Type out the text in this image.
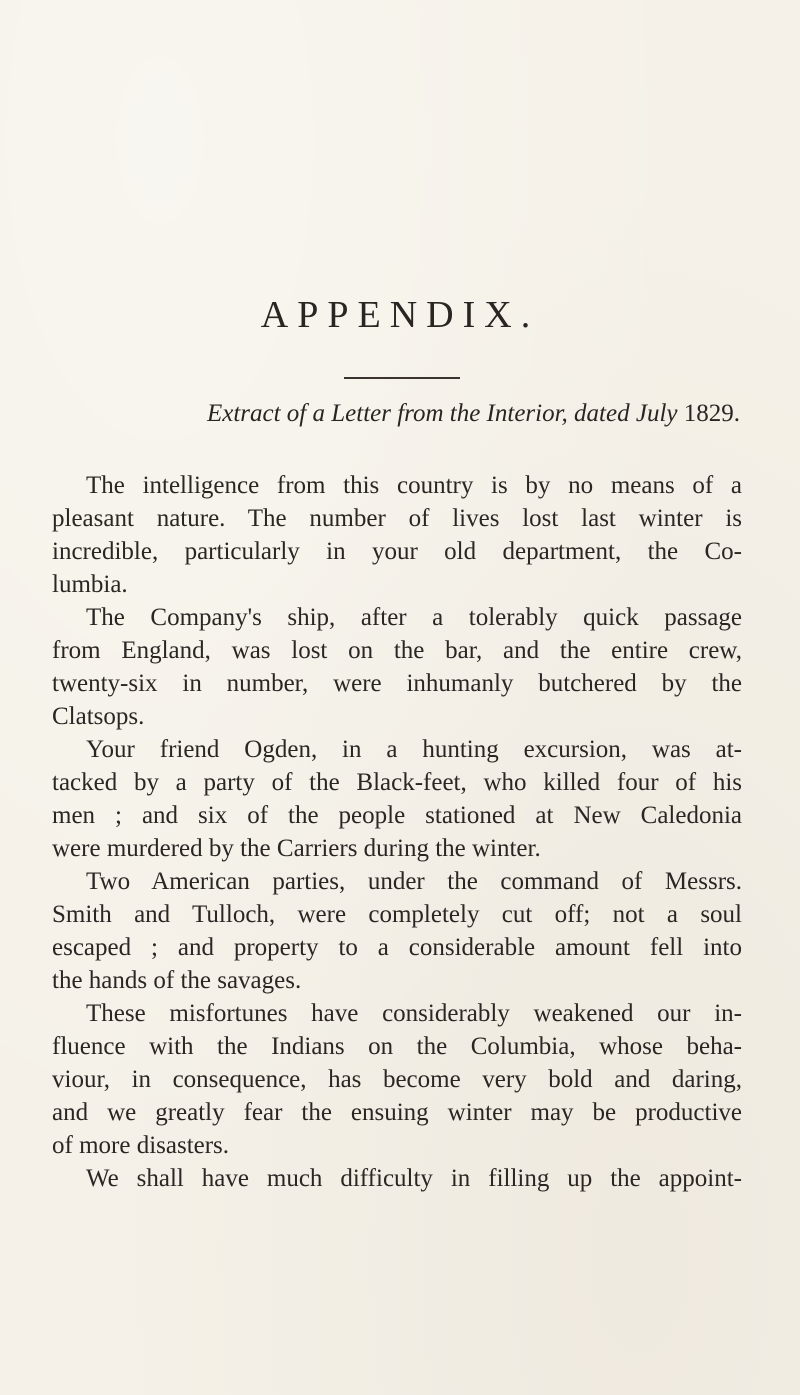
APPENDIX.
Extract of a Letter from the Interior, dated July 1829.
The intelligence from this country is by no means of a
pleasant nature. The number of lives lost last winter is
incredible, particularly in your old department, the Co-
lumbia.
The Company's ship, after a tolerably quick passage
from England, was lost on the bar, and the entire crew,
twenty-six in number, were inhumanly butchered by the
Clatsops.
Your friend Ogden, in a hunting excursion, was at-
tacked by a party of the Black-feet, who killed four of his
men ; and six of the people stationed at New Caledonia
were murdered by the Carriers during the winter.
Two American parties, under the command of Messrs.
Smith and Tulloch, were completely cut off; not a soul
escaped ; and property to a considerable amount fell into
the hands of the savages.
These misfortunes have considerably weakened our in-
fluence with the Indians on the Columbia, whose beha-
viour, in consequence, has become very bold and daring,
and we greatly fear the ensuing winter may be productive
of more disasters.
We shall have much difficulty in filling up the appoint-
